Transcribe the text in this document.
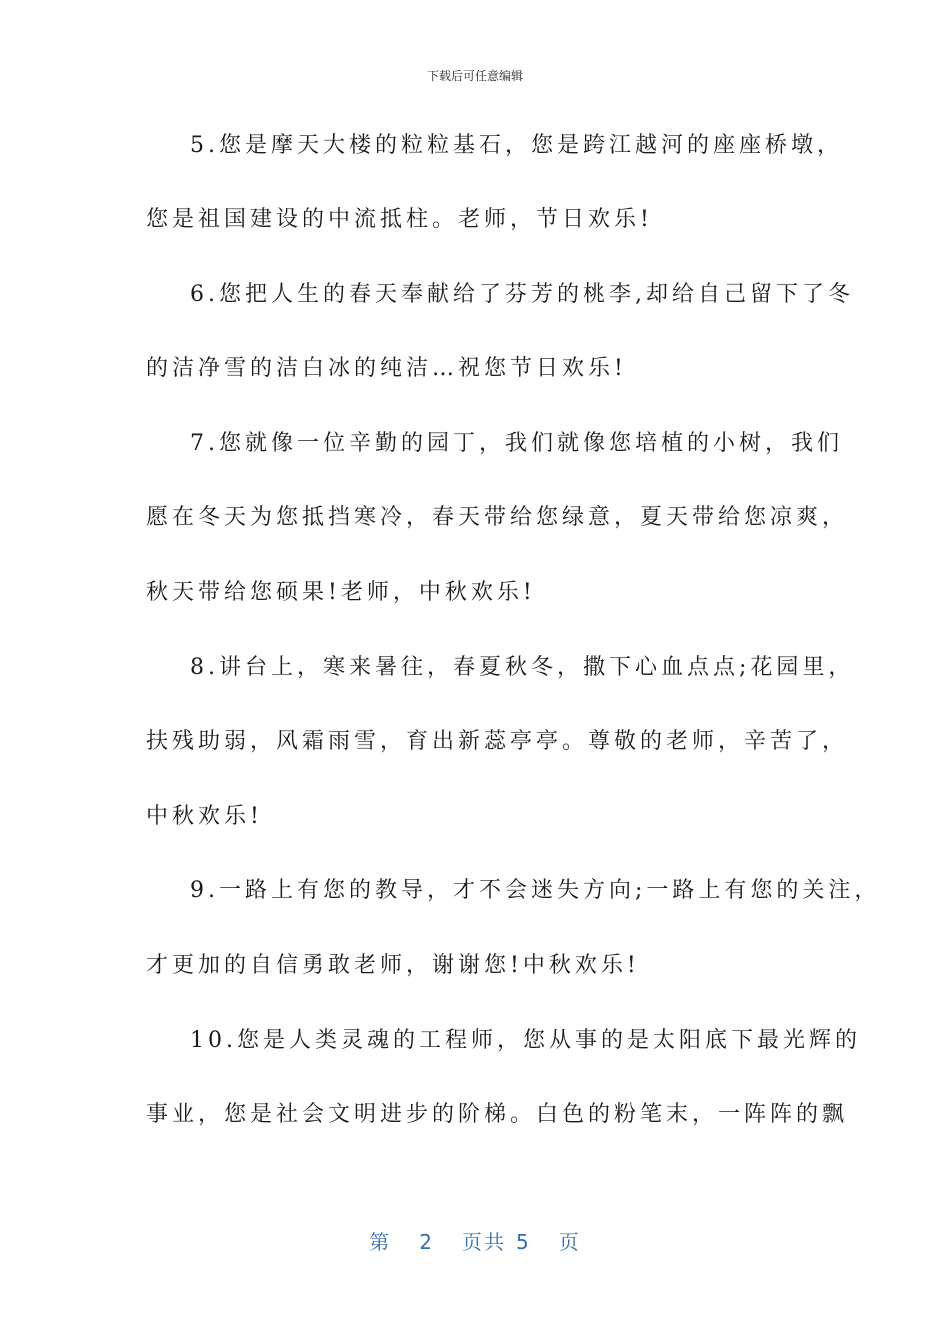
下载后可任意编辑
5.您是摩天大楼的粒粒基石，您是跨江越河的座座桥墩，
您是祖国建设的中流抵柱。老师，节日欢乐!
6.您把人生的春天奉献给了芬芳的桃李,却给自己留下了冬
的洁净雪的洁白冰的纯洁…祝您节日欢乐!
7.您就像一位辛勤的园丁，我们就像您培植的小树，我们
愿在冬天为您抵挡寒冷，春天带给您绿意，夏天带给您凉爽，
秋天带给您硕果!老师，中秋欢乐!
8.讲台上，寒来暑往，春夏秋冬，撒下心血点点;花园里，
扶残助弱，风霜雨雪，育出新蕊亭亭。尊敬的老师，辛苦了，
中秋欢乐!
9.一路上有您的教导，才不会迷失方向;一路上有您的关注，
才更加的自信勇敢老师，谢谢您!中秋欢乐!
10.您是人类灵魂的工程师，您从事的是太阳底下最光辉的
事业，您是社会文明进步的阶梯。白色的粉笔末，一阵阵的飘
第 2 页共 5 页
